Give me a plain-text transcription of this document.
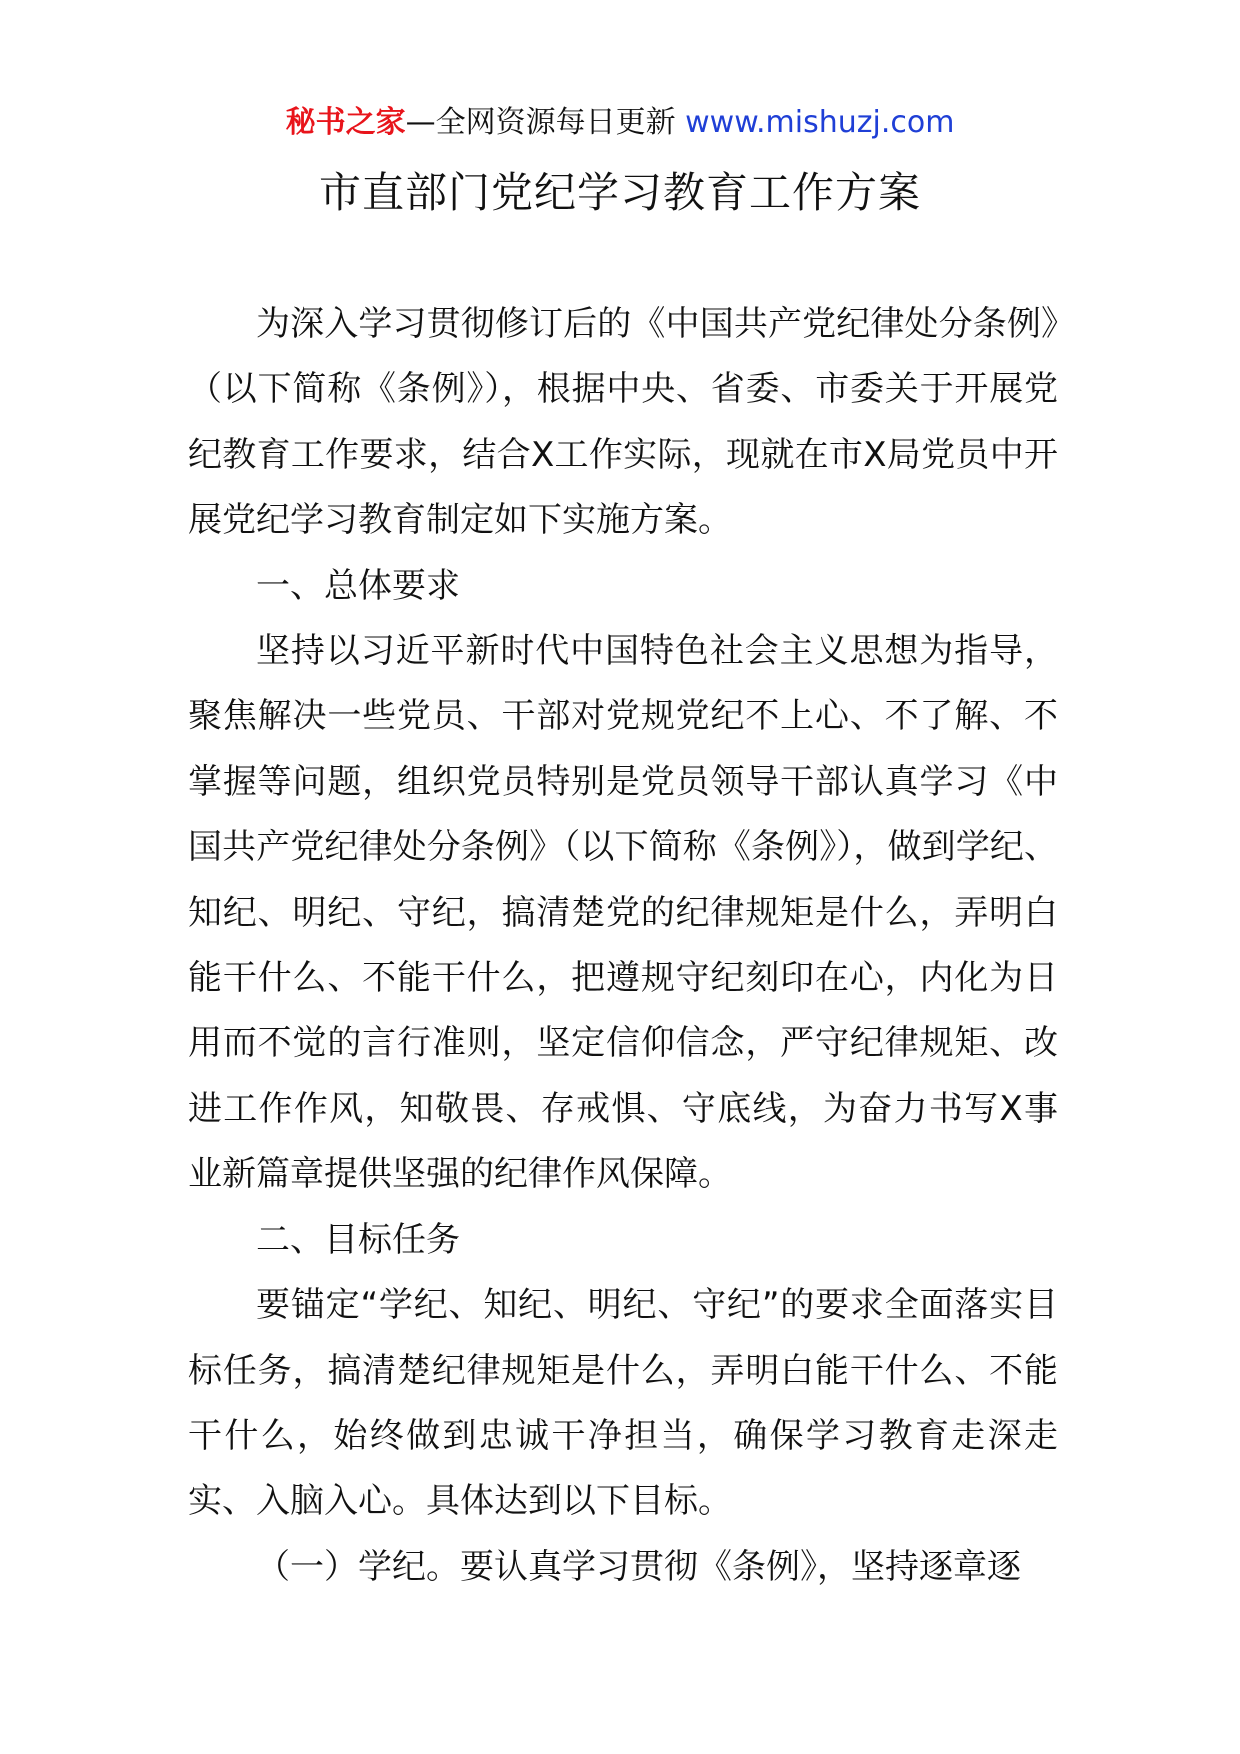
秘书之家—全网资源每日更新 www.mishuzj.com
市直部门党纪学习教育工作方案

为深入学习贯彻修订后的《中国共产党纪律处分条例》（以下简称《条例》），根据中央、省委、市委关于开展党纪教育工作要求，结合X工作实际，现就在市X局党员中开展党纪学习教育制定如下实施方案。

一、总体要求

坚持以习近平新时代中国特色社会主义思想为指导，聚焦解决一些党员、干部对党规党纪不上心、不了解、不掌握等问题，组织党员特别是党员领导干部认真学习《中国共产党纪律处分条例》（以下简称《条例》），做到学纪、知纪、明纪、守纪，搞清楚党的纪律规矩是什么，弄明白能干什么、不能干什么，把遵规守纪刻印在心，内化为日用而不觉的言行准则，坚定信仰信念，严守纪律规矩、改进工作作风，知敬畏、存戒惧、守底线，为奋力书写X事业新篇章提供坚强的纪律作风保障。

二、目标任务

要锚定“学纪、知纪、明纪、守纪”的要求全面落实目标任务，搞清楚纪律规矩是什么，弄明白能干什么、不能干什么，始终做到忠诚干净担当，确保学习教育走深走实、入脑入心。具体达到以下目标。

（一）学纪。要认真学习贯彻《条例》，坚持逐章逐
